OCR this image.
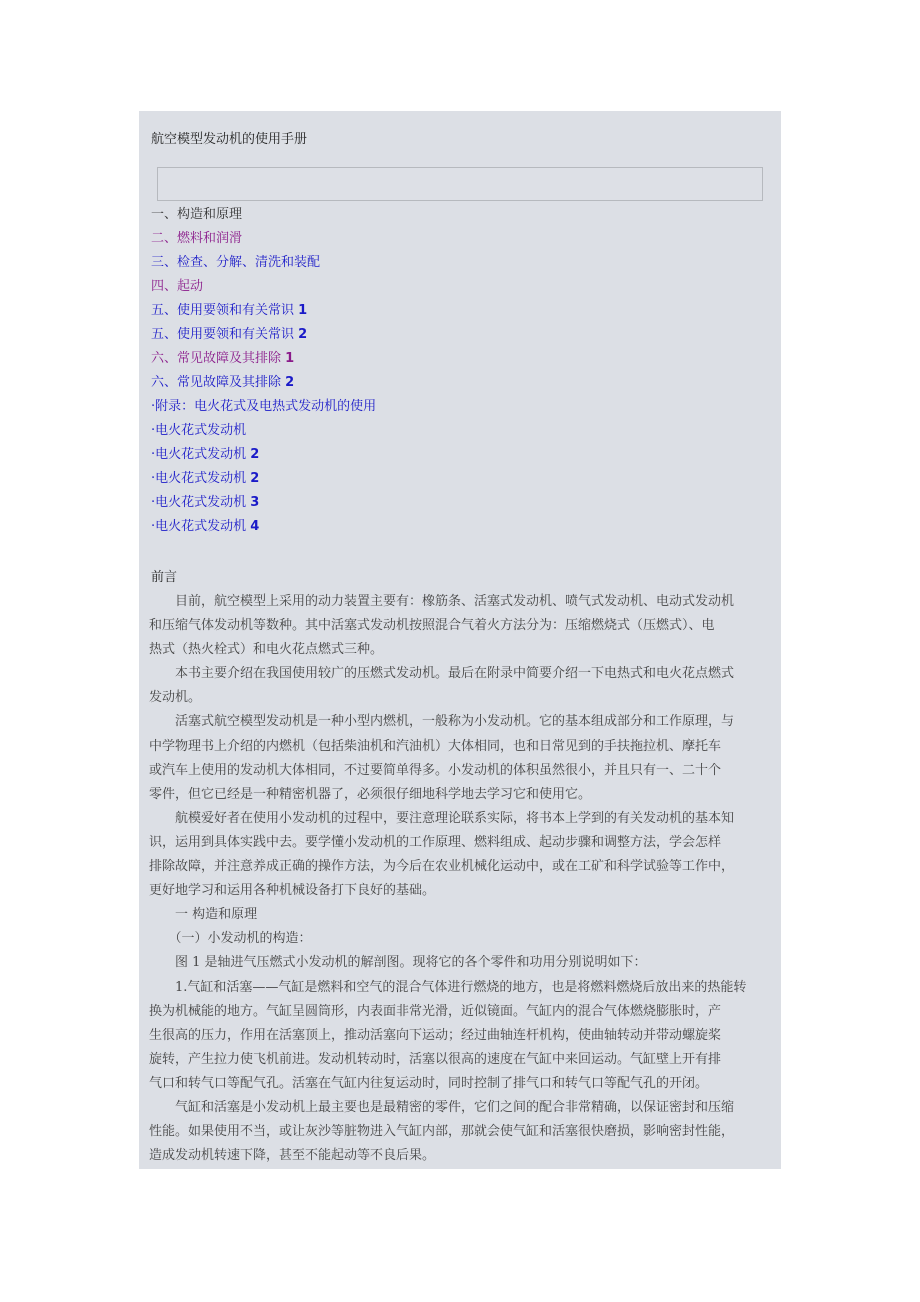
航空模型发动机的使用手册
一、构造和原理
二、燃料和润滑
三、检查、分解、清洗和装配
四、起动
五、使用要领和有关常识 1
五、使用要领和有关常识 2
六、常见故障及其排除 1
六、常见故障及其排除 2
·附录：电火花式及电热式发动机的使用
·电火花式发动机
·电火花式发动机 2
·电火花式发动机 2
·电火花式发动机 3
·电火花式发动机 4
前言

　　目前，航空模型上采用的动力装置主要有：橡筋条、活塞式发动机、喷气式发动机、电动式发动机

和压缩气体发动机等数种。其中活塞式发动机按照混合气着火方法分为：压缩燃烧式（压燃式）、电

热式（热火栓式）和电火花点燃式三种。

　　本书主要介绍在我国使用较广的压燃式发动机。最后在附录中简要介绍一下电热式和电火花点燃式

发动机。

　　活塞式航空模型发动机是一种小型内燃机，一般称为小发动机。它的基本组成部分和工作原理，与

中学物理书上介绍的内燃机（包括柴油机和汽油机）大体相同，也和日常见到的手扶拖拉机、摩托车

或汽车上使用的发动机大体相同，不过要简单得多。小发动机的体积虽然很小，并且只有一、二十个

零件，但它已经是一种精密机器了，必须很仔细地科学地去学习它和使用它。

　　航模爱好者在使用小发动机的过程中，要注意理论联系实际，将书本上学到的有关发动机的基本知

识，运用到具体实践中去。要学懂小发动机的工作原理、燃料组成、起动步骤和调整方法，学会怎样

排除故障，并注意养成正确的操作方法，为今后在农业机械化运动中，或在工矿和科学试验等工作中，

更好地学习和运用各种机械设备打下良好的基础。

　　一 构造和原理

　　（一）小发动机的构造：

　　图 1 是轴进气压燃式小发动机的解剖图。现将它的各个零件和功用分别说明如下：

　　1.气缸和活塞——气缸是燃料和空气的混合气体进行燃烧的地方，也是将燃料燃烧后放出来的热能转

换为机械能的地方。气缸呈圆筒形，内表面非常光滑，近似镜面。气缸内的混合气体燃烧膨胀时，产

生很高的压力，作用在活塞顶上，推动活塞向下运动；经过曲轴连杆机构，使曲轴转动并带动螺旋桨

旋转，产生拉力使飞机前进。发动机转动时，活塞以很高的速度在气缸中来回运动。气缸壁上开有排

气口和转气口等配气孔。活塞在气缸内往复运动时，同时控制了排气口和转气口等配气孔的开闭。

　　气缸和活塞是小发动机上最主要也是最精密的零件，它们之间的配合非常精确，以保证密封和压缩

性能。如果使用不当，或让灰沙等脏物进入气缸内部，那就会使气缸和活塞很快磨损，影响密封性能，

造成发动机转速下降，甚至不能起动等不良后果。
